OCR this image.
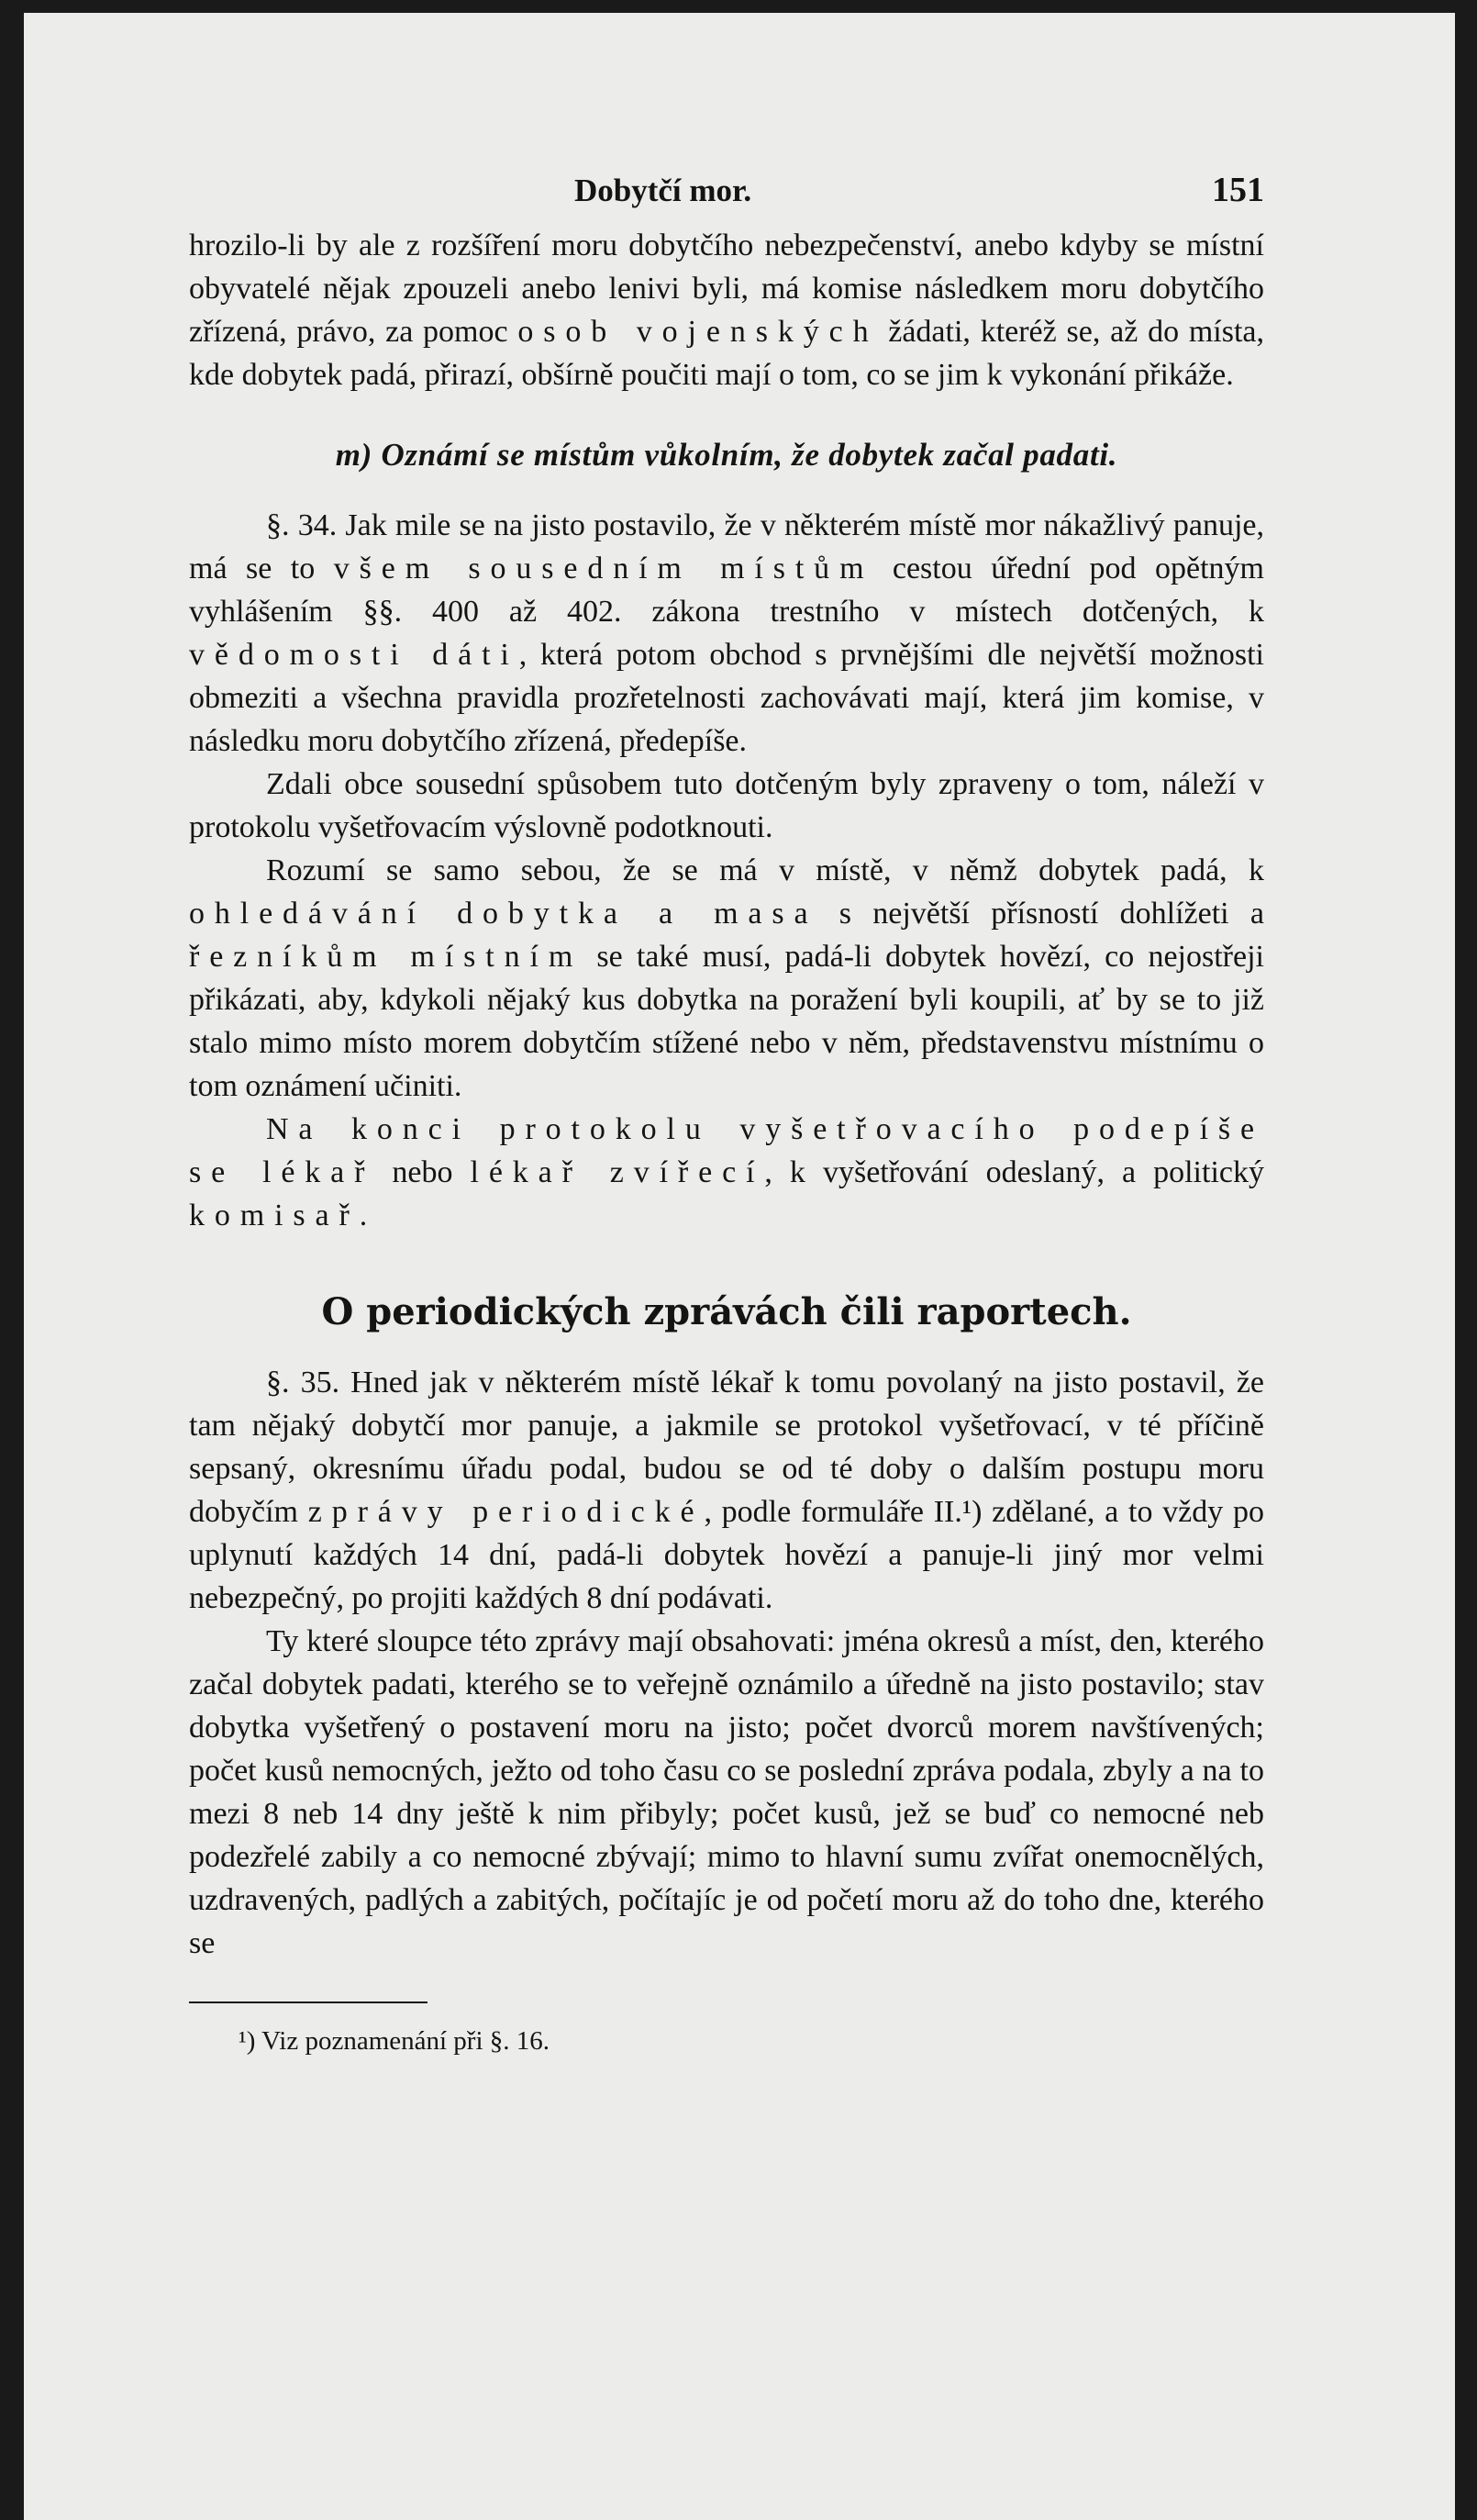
Dobytčí mor.	151

hrozilo-li by ale z rozšíření moru dobytčího nebezpečenství, anebo kdyby se místní obyvatelé nějak zpouzeli anebo lenivi byli, má komise následkem moru dobytčího zřízená, právo, za pomoc osob vojenských žádati, kteréž se, až do místa, kde dobytek padá, přirazí, obšírně poučiti mají o tom, co se jim k vykonání přikáže.

m) Oznámí se místům vůkolním, že dobytek začal padati.

§. 34. Jak mile se na jisto postavilo, že v některém místě mor nákažlivý panuje, má se to všem sousedním místům cestou úřední pod opětným vyhlášením §§. 400 až 402. zákona trestního v místech dotčených, k vědomosti dáti, která potom obchod s prvnějšími dle největší možnosti obmeziti a všechna pravidla prozřetelnosti zachovávati mají, která jim komise, v následku moru dobytčího zřízená, předepíše.

Zdali obce sousední spůsobem tuto dotčeným byly zpraveny o tom, náleží v protokolu vyšetřovacím výslovně podotknouti.

Rozumí se samo sebou, že se má v místě, v němž dobytek padá, k ohledávání dobytka a masa s největší přísností dohlížeti a řezníkům místním se také musí, padá-li dobytek hovězí, co nejostřeji přikázati, aby, kdykoli nějaký kus dobytka na poražení byli koupili, ať by se to již stalo mimo místo morem dobytčím stížené nebo v něm, představenstvu místnímu o tom oznámení učiniti.

Na konci protokolu vyšetřovacího podepíše se lékař nebo lékař zvířecí, k vyšetřování odeslaný, a politický komisař.

O periodických zprávách čili raportech.

§. 35. Hned jak v některém místě lékař k tomu povolaný na jisto postavil, že tam nějaký dobytčí mor panuje, a jakmile se protokol vyšetřovací, v té příčině sepsaný, okresnímu úřadu podal, budou se od té doby o dalším postupu moru dobyčím zprávy periodické, podle formuláře II.¹) zdělané, a to vždy po uplynutí každých 14 dní, padá-li dobytek hovězí a panuje-li jiný mor velmi nebezpečný, po projiti každých 8 dní podávati.

Ty které sloupce této zprávy mají obsahovati: jména okresů a míst, den, kterého začal dobytek padati, kterého se to veřejně oznámilo a úředně na jisto postavilo; stav dobytka vyšetřený o postavení moru na jisto; počet dvorců morem navštívených; počet kusů nemocných, ježto od toho času co se poslední zpráva podala, zbyly a na to mezi 8 neb 14 dny ještě k nim přibyly; počet kusů, jež se buď co nemocné neb podezřelé zabily a co nemocné zbývají; mimo to hlavní sumu zvířat onemocnělých, uzdravených, padlých a zabitých, počítajíc je od početí moru až do toho dne, kterého se

¹) Viz poznamenání při §. 16.
